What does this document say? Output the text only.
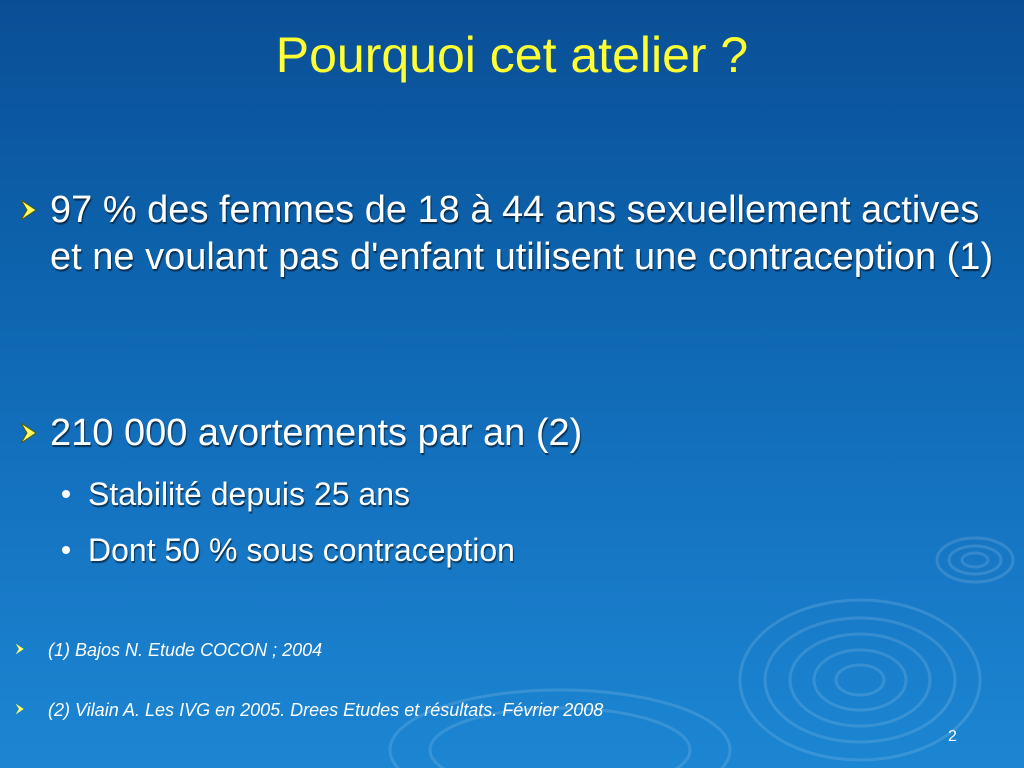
Pourquoi cet atelier ?
97 % des femmes de 18 à 44 ans sexuellement actives et ne voulant pas d'enfant utilisent une contraception (1)
210 000 avortements par an (2)
Stabilité depuis 25 ans
Dont 50 % sous contraception
(1) Bajos N. Etude COCON ; 2004
(2) Vilain A. Les IVG en 2005. Drees Etudes et résultats. Février 2008
2
